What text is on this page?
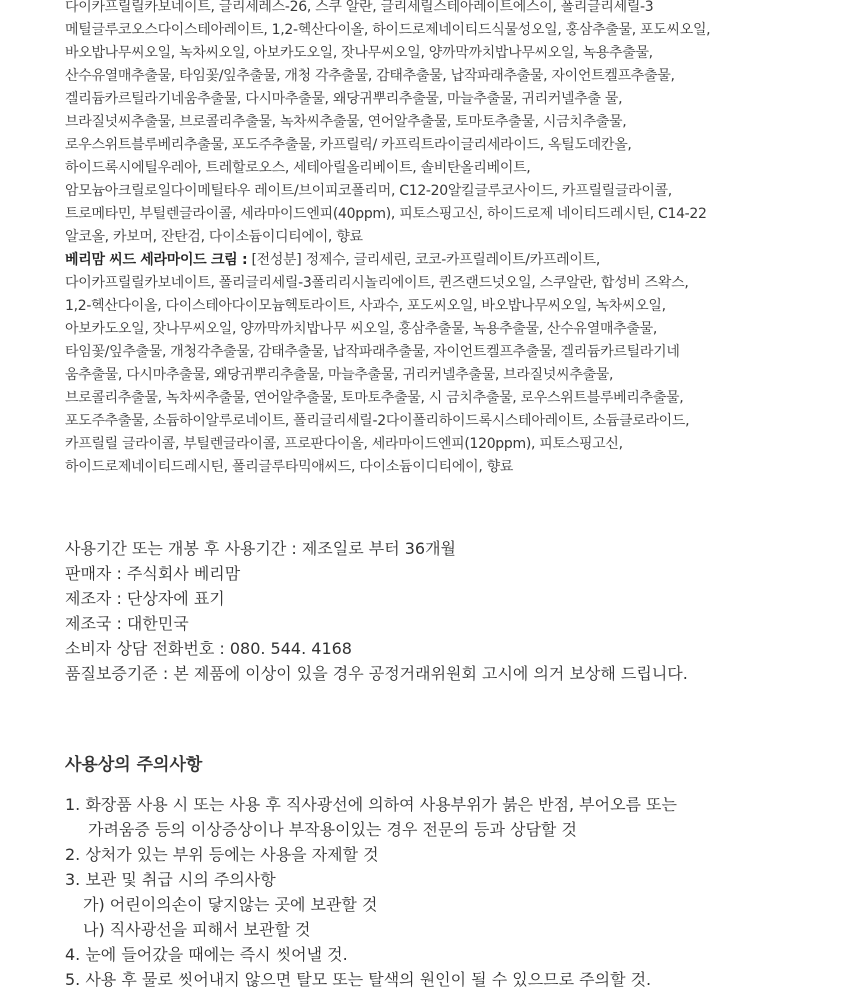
다이카프릴릴카보네이트, 글리세레스-26, 스쿠 알란, 글리세릴스테아레이트에스이, 폴리글리세릴-3
메틸글루코오스다이스테아레이트, 1,2-헥산다이올, 하이드로제네이티드식물성오일, 홍삼추출물, 포도씨오일,
바오밥나무씨오일, 녹차씨오일, 아보카도오일, 잣나무씨오일, 양까막까치밥나무씨오일, 녹용추출물,
산수유열매추출물, 타임꽃/잎추출물, 개청 각추출물, 감태추출물, 납작파래추출물, 자이언트켈프추출물,
겔리듐카르틸라기네움추출물, 다시마추출물, 왜당귀뿌리추출물, 마늘추출물, 귀리커넬추출 물,
브라질넛씨추출물, 브로콜리추출물, 녹차씨추출물, 연어알추출물, 토마토추출물, 시금치추출물,
로우스위트블루베리추출물, 포도주추출물, 카프릴릭/ 카프릭트라이글리세라이드, 옥틸도데칸올,
하이드록시에틸우레아, 트레할로오스, 세테아릴올리베이트, 솔비탄올리베이트,
암모늄아크릴로일다이메틸타우 레이트/브이피코폴리머, C12-20알킬글루코사이드, 카프릴릴글라이콜,
트로메타민, 부틸렌글라이콜, 세라마이드엔피(40ppm), 피토스핑고신, 하이드로제 네이티드레시틴, C14-22
알코올, 카보머, 잔탄검, 다이소듐이디티에이, 향료
베리맘 씨드 세라마이드 크림 : [전성분] 정제수, 글리세린, 코코-카프릴레이트/카프레이트,
다이카프릴릴카보네이트, 폴리글리세릴-3폴리리시놀리에이트, 퀸즈랜드넛오일, 스쿠알란, 합성비 즈왁스,
1,2-헥산다이올, 다이스테아다이모늄헥토라이트, 사과수, 포도씨오일, 바오밥나무씨오일, 녹차씨오일,
아보카도오일, 잣나무씨오일, 양까막까치밥나무 씨오일, 홍삼추출물, 녹용추출물, 산수유열매추출물,
타임꽃/잎추출물, 개청각추출물, 감태추출물, 납작파래추출물, 자이언트켈프추출물, 겔리듐카르틸라기네
움추출물, 다시마추출물, 왜당귀뿌리추출물, 마늘추출물, 귀리커넬추출물, 브라질넛씨추출물,
브로콜리추출물, 녹차씨추출물, 연어알추출물, 토마토추출물, 시 금치추출물, 로우스위트블루베리추출물,
포도주추출물, 소듐하이알루로네이트, 폴리글리세릴-2다이폴리하이드록시스테아레이트, 소듐클로라이드,
카프릴릴 글라이콜, 부틸렌글라이콜, 프로판다이올, 세라마이드엔피(120ppm), 피토스핑고신,
하이드로제네이티드레시틴, 폴리글루타믹애씨드, 다이소듐이디티에이, 향료
사용기간 또는 개봉 후 사용기간 : 제조일로 부터 36개월
판매자 : 주식회사 베리맘
제조자 : 단상자에 표기
제조국 : 대한민국
소비자 상담 전화번호 : 080. 544. 4168
품질보증기준 : 본 제품에 이상이 있을 경우 공정거래위원회 고시에 의거 보상해 드립니다.
사용상의 주의사항
1. 화장품 사용 시 또는 사용 후 직사광선에 의하여 사용부위가 붉은 반점, 부어오름 또는
가려움증 등의 이상증상이나 부작용이있는 경우 전문의 등과 상담할 것
2. 상처가 있는 부위 등에는 사용을 자제할 것
3. 보관 및 취급 시의 주의사항
가) 어린이의손이 닿지않는 곳에 보관할 것
나) 직사광선을 피해서 보관할 것
4. 눈에 들어갔을 때에는 즉시 씻어낼 것.
5. 사용 후 물로 씻어내지 않으면 탈모 또는 탈색의 원인이 될 수 있으므로 주의할 것.
